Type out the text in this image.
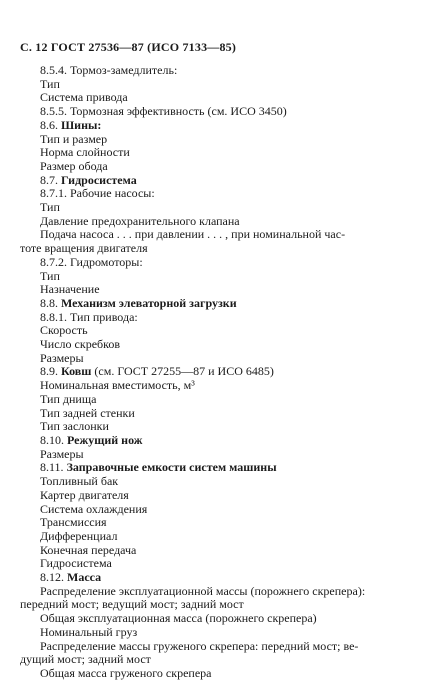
С. 12 ГОСТ 27536—87 (ИСО 7133—85)
8.5.4. Тормоз-замедлитель:
Тип
Система привода
8.5.5. Тормозная эффективность (см. ИСО 3450)
8.6. Шины:
Тип и размер
Норма слойности
Размер обода
8.7. Гидросистема
8.7.1. Рабочие насосы:
Тип
Давление предохранительного клапана
Подача насоса . . . при давлении . . . , при номинальной час-
тоте вращения двигателя
8.7.2. Гидромоторы:
Тип
Назначение
8.8. Механизм элеваторной загрузки
8.8.1. Тип привода:
Скорость
Число скребков
Размеры
8.9. Ковш (см. ГОСТ 27255—87 и ИСО 6485)
Номинальная вместимость, м³
Тип днища
Тип задней стенки
Тип заслонки
8.10. Режущий нож
Размеры
8.11. Заправочные емкости систем машины
Топливный бак
Картер двигателя
Система охлаждения
Трансмиссия
Дифференциал
Конечная передача
Гидросистема
8.12. Масса
Распределение эксплуатационной массы (порожнего скрепера):
передний мост; ведущий мост; задний мост
Общая эксплуатационная масса (порожнего скрепера)
Номинальный груз
Распределение массы груженого скрепера: передний мост; ве-
дущий мост; задний мост
Общая масса груженого скрепера
